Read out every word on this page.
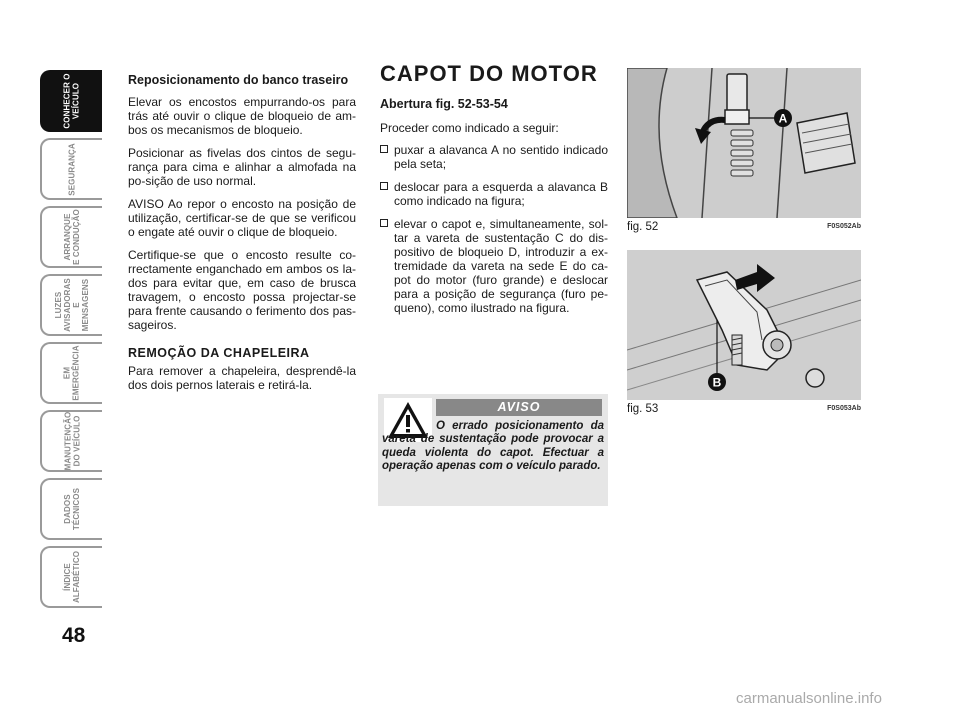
CONHECER O
VEÍCULO
SEGURANÇA
ARRANQUE
E CONDUÇÃO
LUZES
AVISADORAS
E MENSAGENS
EM
EMERGÊNCIA
MANUTENÇÃO
DO VEÍCULO
DADOS
TÉCNICOS
ÍNDICE
ALFABÉTICO
48
Reposicionamento do banco traseiro

Elevar os encostos empurrando-os para trás até ouvir o clique de bloqueio de am-bos os mecanismos de bloqueio.

Posicionar as fivelas dos cintos de segu-rança para cima e alinhar a almofada na po-sição de uso normal.

AVISO Ao repor o encosto na posição de utilização, certificar-se de que se verificou o engate até ouvir o clique de bloqueio.

Certifique-se que o encosto resulte co-rrectamente enganchado em ambos os la-dos para evitar que, em caso de brusca travagem, o encosto possa projectar-se para frente causando o ferimento dos pas-sageiros.

REMOÇÃO DA CHAPELEIRA

Para remover a chapeleira, desprendê-la dos dois pernos laterais e retirá-la.

CAPOT DO MOTOR
Abertura fig. 52-53-54

Proceder como indicado a seguir:

puxar a alavanca A no sentido indicado pela seta;
deslocar para a esquerda a alavanca B como indicado na figura;
elevar o capot e, simultaneamente, sol-tar a vareta de sustentação C do dis-positivo de bloqueio D, introduzir a ex-tremidade da vareta na sede E do ca-pot do motor (furo grande) e deslocar para a posição de segurança (furo pe-queno), como ilustrado na figura.
AVISO
O errado posicionamento da vareta de sustentação pode provocar a queda violenta do capot. Efectuar a operação apenas com o veículo parado.
A
fig. 52	F0S052Ab
B
fig. 53	F0S053Ab
carmanualsonline.info
